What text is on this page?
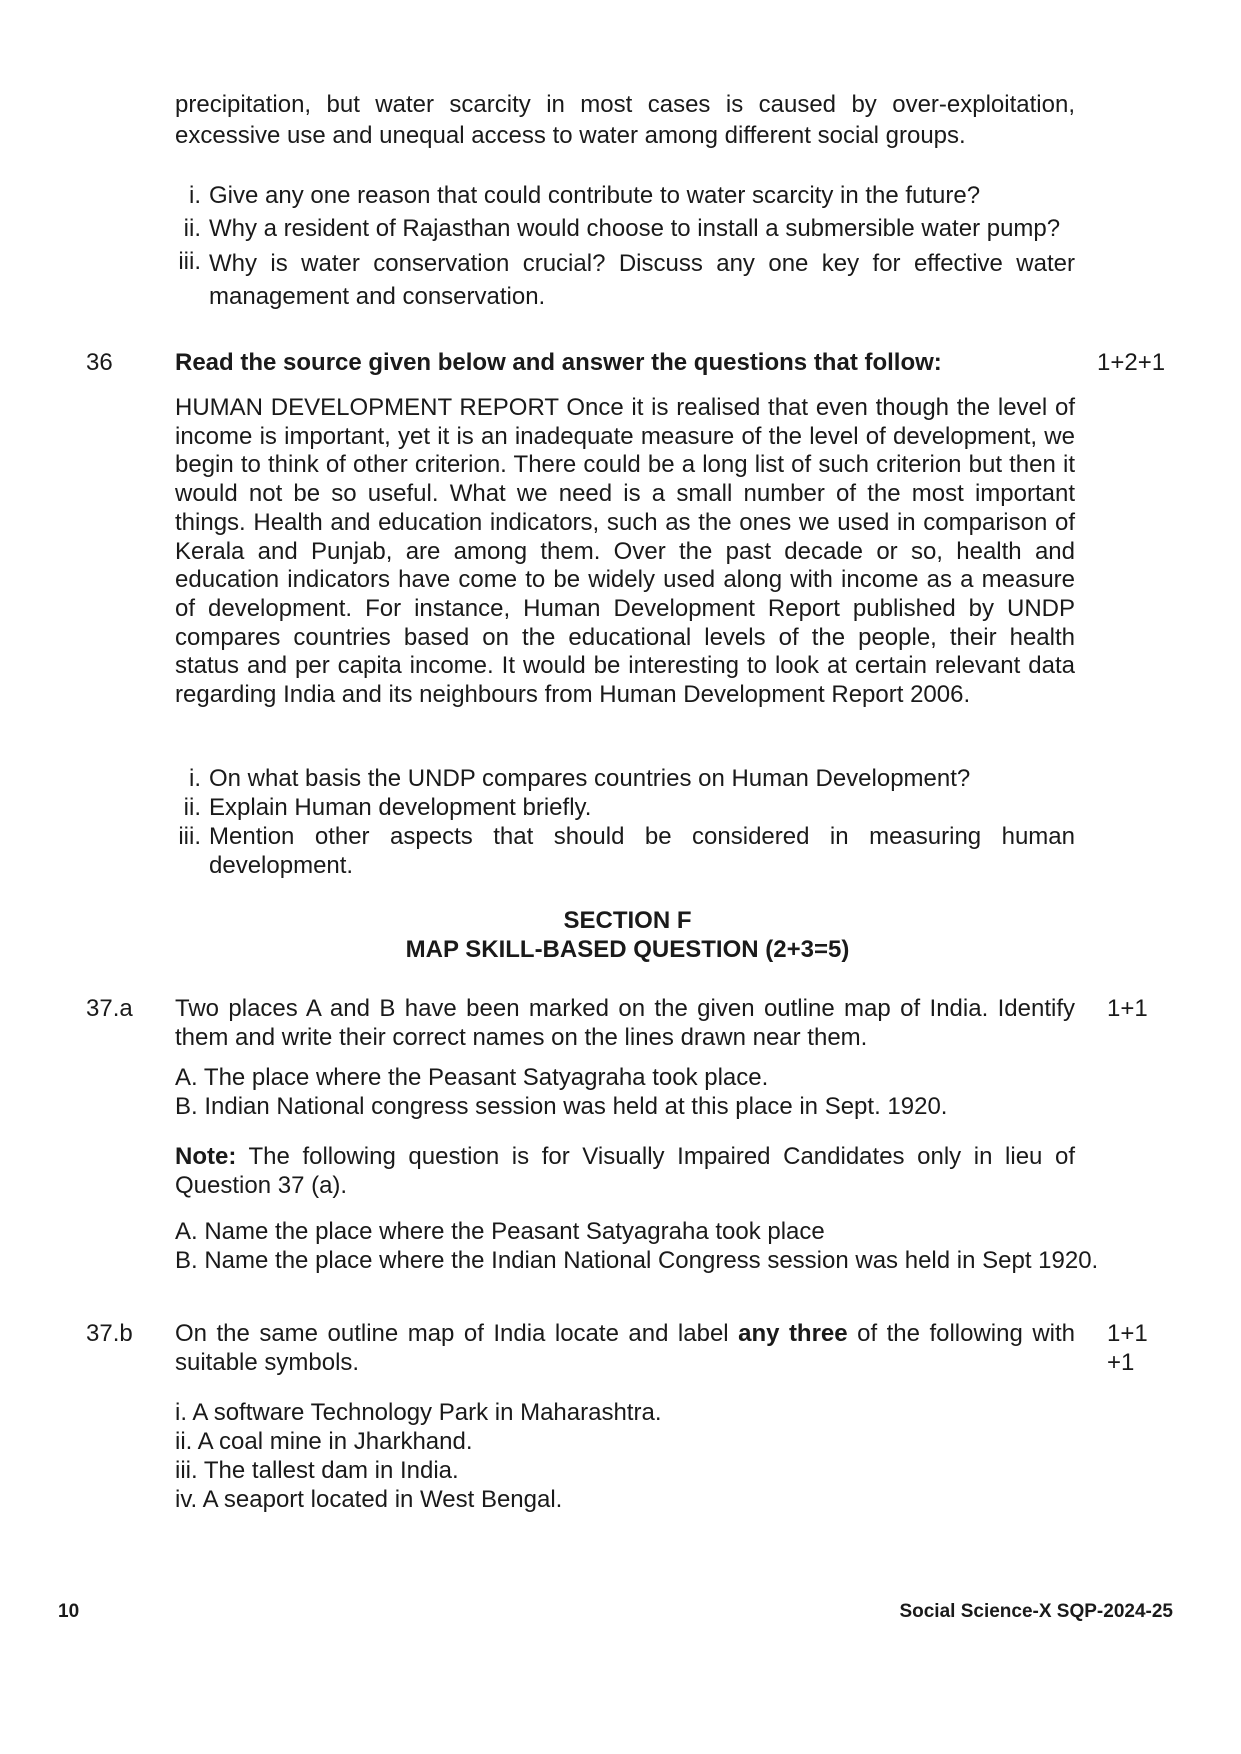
precipitation, but water scarcity in most cases is caused by over-exploitation, excessive use and unequal access to water among different social groups.
i. Give any one reason that could contribute to water scarcity in the future?
ii. Why a resident of Rajasthan would choose to install a submersible water pump?
iii. Why is water conservation crucial? Discuss any one key for effective water management and conservation.
36	Read the source given below and answer the questions that follow:	1+2+1
HUMAN DEVELOPMENT REPORT Once it is realised that even though the level of income is important, yet it is an inadequate measure of the level of development, we begin to think of other criterion. There could be a long list of such criterion but then it would not be so useful. What we need is a small number of the most important things. Health and education indicators, such as the ones we used in comparison of Kerala and Punjab, are among them. Over the past decade or so, health and education indicators have come to be widely used along with income as a measure of development. For instance, Human Development Report published by UNDP compares countries based on the educational levels of the people, their health status and per capita income. It would be interesting to look at certain relevant data regarding India and its neighbours from Human Development Report 2006.
i. On what basis the UNDP compares countries on Human Development?
ii. Explain Human development briefly.
iii. Mention other aspects that should be considered in measuring human development.
SECTION F
MAP SKILL-BASED QUESTION (2+3=5)
37.a Two places A and B have been marked on the given outline map of India. Identify them and write their correct names on the lines drawn near them.
1+1
A. The place where the Peasant Satyagraha took place.
B. Indian National congress session was held at this place in Sept. 1920.
Note: The following question is for Visually Impaired Candidates only in lieu of Question 37 (a).
A. Name the place where the Peasant Satyagraha took place
B. Name the place where the Indian National Congress session was held in Sept 1920.
37.b On the same outline map of India locate and label any three of the following with suitable symbols.
1+1
+1
i. A software Technology Park in Maharashtra.
ii. A coal mine in Jharkhand.
iii. The tallest dam in India.
iv. A seaport located in West Bengal.
10	Social Science-X SQP-2024-25
